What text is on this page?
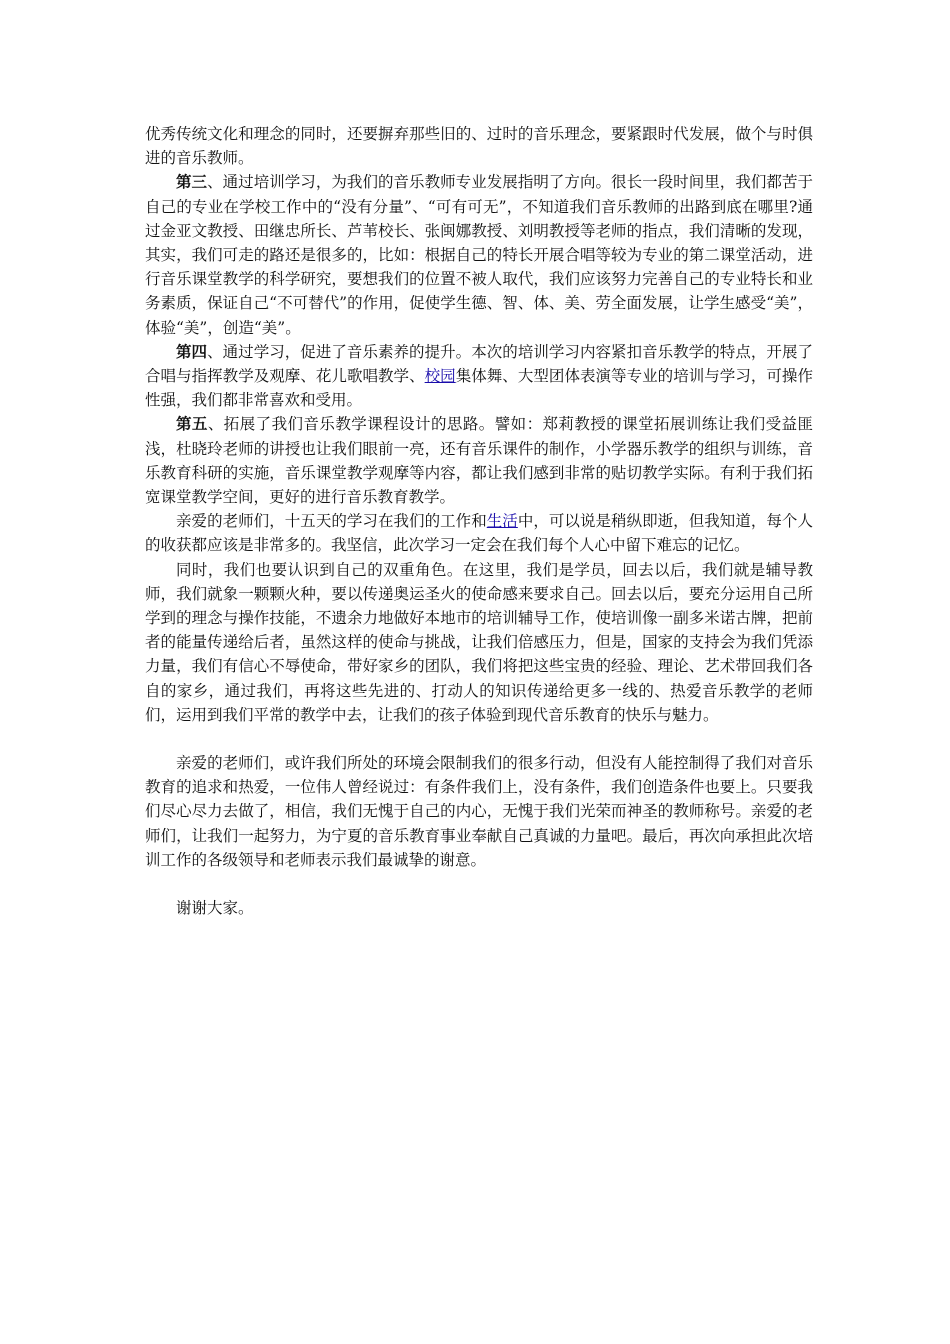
优秀传统文化和理念的同时，还要摒弃那些旧的、过时的音乐理念，要紧跟时代发展，做个与时俱进的音乐教师。

第三、通过培训学习，为我们的音乐教师专业发展指明了方向。很长一段时间里，我们都苦于自己的专业在学校工作中的“没有分量”、“可有可无”，不知道我们音乐教师的出路到底在哪里?通过金亚文教授、田继忠所长、芦苇校长、张闽娜教授、刘明教授等老师的指点，我们清晰的发现，其实，我们可走的路还是很多的，比如：根据自己的特长开展合唱等较为专业的第二课堂活动，进行音乐课堂教学的科学研究，要想我们的位置不被人取代，我们应该努力完善自己的专业特长和业务素质，保证自己“不可替代”的作用，促使学生德、智、体、美、劳全面发展，让学生感受“美”，体验“美”，创造“美”。

第四、通过学习，促进了音乐素养的提升。本次的培训学习内容紧扣音乐教学的特点，开展了合唱与指挥教学及观摩、花儿歌唱教学、校园集体舞、大型团体表演等专业的培训与学习，可操作性强，我们都非常喜欢和受用。

第五、拓展了我们音乐教学课程设计的思路。譬如：郑莉教授的课堂拓展训练让我们受益匪浅，杜晓玲老师的讲授也让我们眼前一亮，还有音乐课件的制作，小学器乐教学的组织与训练，音乐教育科研的实施，音乐课堂教学观摩等内容，都让我们感到非常的贴切教学实际。有利于我们拓宽课堂教学空间，更好的进行音乐教育教学。

亲爱的老师们，十五天的学习在我们的工作和生活中，可以说是稍纵即逝，但我知道，每个人的收获都应该是非常多的。我坚信，此次学习一定会在我们每个人心中留下难忘的记忆。

同时，我们也要认识到自己的双重角色。在这里，我们是学员，回去以后，我们就是辅导教师，我们就象一颗颗火种，要以传递奥运圣火的使命感来要求自己。回去以后，要充分运用自己所学到的理念与操作技能，不遗余力地做好本地市的培训辅导工作，使培训像一副多米诺古牌，把前者的能量传递给后者，虽然这样的使命与挑战，让我们倍感压力，但是，国家的支持会为我们凭添力量，我们有信心不辱使命，带好家乡的团队，我们将把这些宝贵的经验、理论、艺术带回我们各自的家乡，通过我们，再将这些先进的、打动人的知识传递给更多一线的、热爱音乐教学的老师们，运用到我们平常的教学中去，让我们的孩子体验到现代音乐教育的快乐与魅力。

亲爱的老师们，或许我们所处的环境会限制我们的很多行动，但没有人能控制得了我们对音乐教育的追求和热爱，一位伟人曾经说过：有条件我们上，没有条件，我们创造条件也要上。只要我们尽心尽力去做了，相信，我们无愧于自己的内心，无愧于我们光荣而神圣的教师称号。亲爱的老师们，让我们一起努力，为宁夏的音乐教育事业奉献自己真诚的力量吧。最后，再次向承担此次培训工作的各级领导和老师表示我们最诚挚的谢意。

谢谢大家。
